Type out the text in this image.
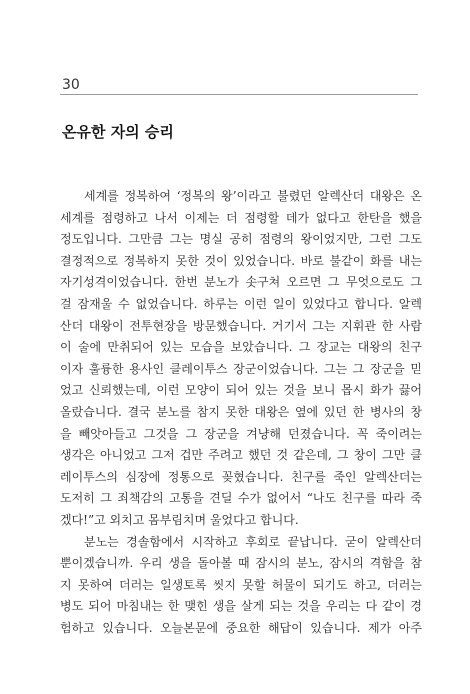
30
온유한 자의 승리
세계를 정복하여 ‘정복의 왕’이라고 불렸던 알렉산더 대왕은 온
세계를 점령하고 나서 이제는 더 점령할 데가 없다고 한탄을 했을
정도입니다. 그만큼 그는 명실 공히 점령의 왕이었지만, 그런 그도
결정적으로 정복하지 못한 것이 있었습니다. 바로 불같이 화를 내는
자기성격이었습니다. 한번 분노가 솟구쳐 오르면 그 무엇으로도 그
걸 잠재울 수 없었습니다. 하루는 이런 일이 있었다고 합니다. 알렉
산더 대왕이 전투현장을 방문했습니다. 거기서 그는 지휘관 한 사람
이 술에 만취되어 있는 모습을 보았습니다. 그 장교는 대왕의 친구
이자 훌륭한 용사인 클레이투스 장군이었습니다. 그는 그 장군을 믿
었고 신뢰했는데, 이런 모양이 되어 있는 것을 보니 몹시 화가 끓어
올랐습니다. 결국 분노를 참지 못한 대왕은 옆에 있던 한 병사의 창
을 빼앗아들고 그것을 그 장군을 겨냥해 던졌습니다. 꼭 죽이려는
생각은 아니었고 그저 겁만 주려고 했던 것 같은데, 그 창이 그만 클
레이투스의 심장에 정통으로 꽂혔습니다. 친구를 죽인 알렉산더는
도저히 그 죄책감의 고통을 견딜 수가 없어서 “나도 친구를 따라 죽
겠다!”고 외치고 몸부림치며 울었다고 합니다.
분노는 경솔함에서 시작하고 후회로 끝납니다. 굳이 알렉산더
뿐이겠습니까. 우리 생을 돌아볼 때 잠시의 분노, 잠시의 격함을 참
지 못하여 더러는 일생토록 씻지 못할 허물이 되기도 하고, 더러는
병도 되어 마침내는 한 맺힌 생을 살게 되는 것을 우리는 다 같이 경
험하고 있습니다. 오늘본문에 중요한 해답이 있습니다. 제가 아주
